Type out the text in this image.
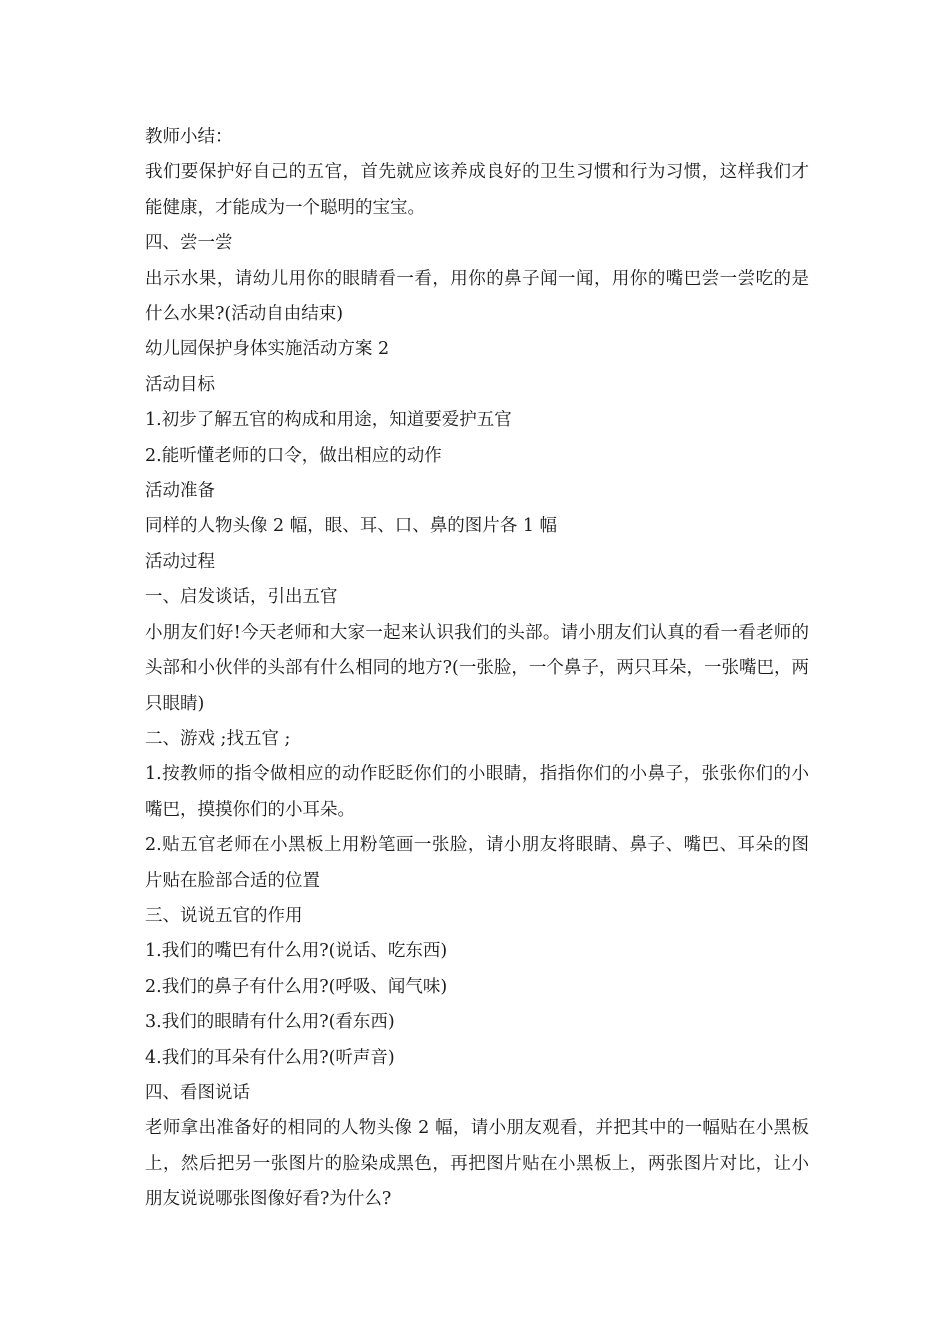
教师小结：

我们要保护好自己的五官，首先就应该养成良好的卫生习惯和行为习惯，这样我们才能健康，才能成为一个聪明的宝宝。

四、尝一尝

出示水果，请幼儿用你的眼睛看一看，用你的鼻子闻一闻，用你的嘴巴尝一尝吃的是什么水果?(活动自由结束)

幼儿园保护身体实施活动方案 2

活动目标

1.初步了解五官的构成和用途，知道要爱护五官

2.能听懂老师的口令，做出相应的动作

活动准备

同样的人物头像 2 幅，眼、耳、口、鼻的图片各 1 幅

活动过程

一、启发谈话，引出五官

小朋友们好!今天老师和大家一起来认识我们的头部。请小朋友们认真的看一看老师的头部和小伙伴的头部有什么相同的地方?(一张脸，一个鼻子，两只耳朵，一张嘴巴，两只眼睛)

二、游戏 ;找五官 ;

1.按教师的指令做相应的动作眨眨你们的小眼睛，指指你们的小鼻子，张张你们的小嘴巴，摸摸你们的小耳朵。

2.贴五官老师在小黑板上用粉笔画一张脸，请小朋友将眼睛、鼻子、嘴巴、耳朵的图片贴在脸部合适的位置

三、说说五官的作用

1.我们的嘴巴有什么用?(说话、吃东西)

2.我们的鼻子有什么用?(呼吸、闻气味)

3.我们的眼睛有什么用?(看东西)

4.我们的耳朵有什么用?(听声音)

四、看图说话

老师拿出准备好的相同的人物头像 2 幅，请小朋友观看，并把其中的一幅贴在小黑板上，然后把另一张图片的脸染成黑色，再把图片贴在小黑板上，两张图片对比，让小朋友说说哪张图像好看?为什么?
